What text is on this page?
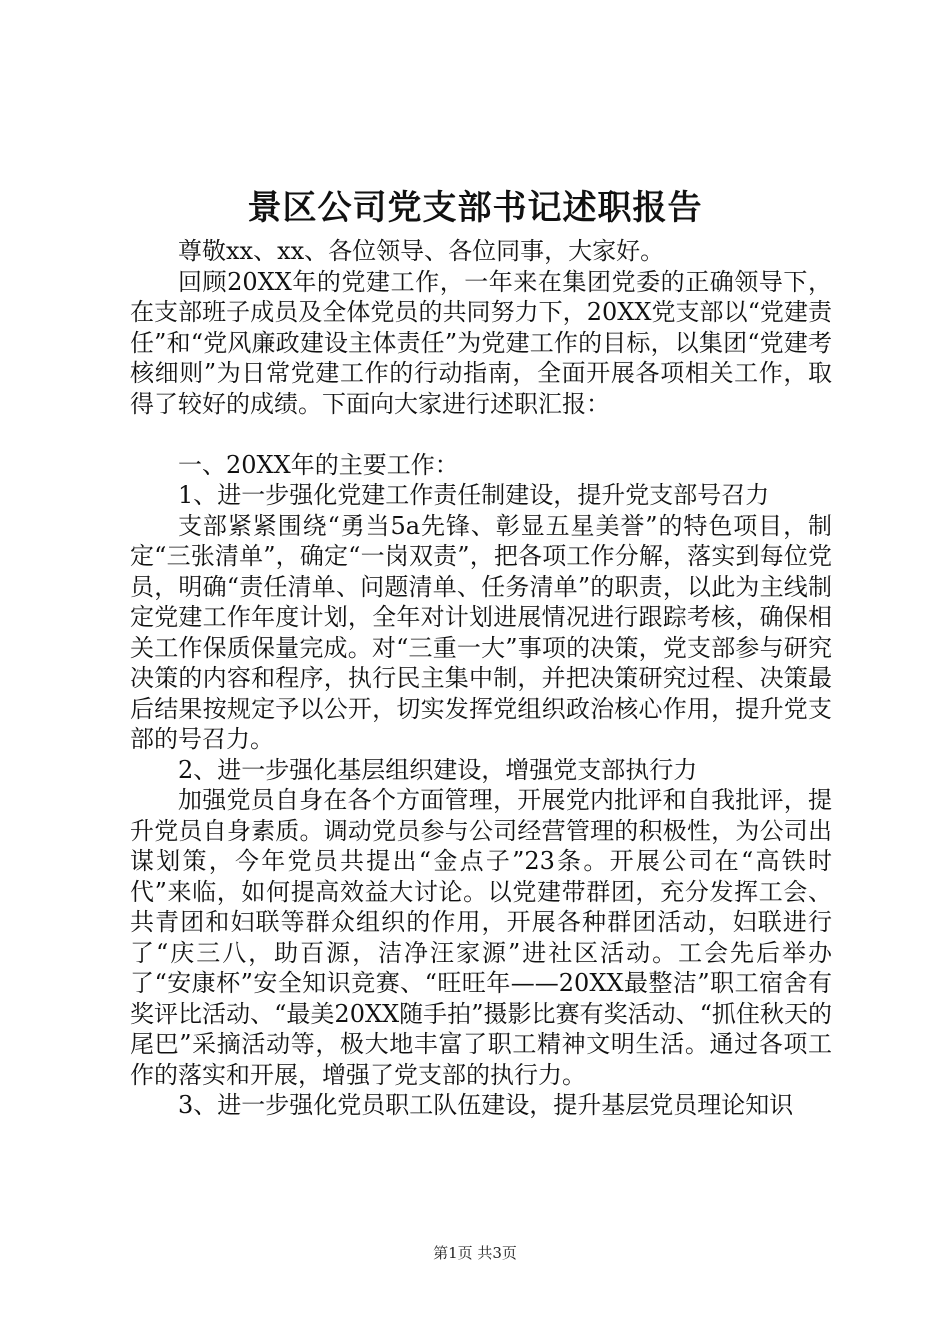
景区公司党支部书记述职报告

尊敬xx、xx、各位领导、各位同事，大家好。

回顾20XX年的党建工作，一年来在集团党委的正确领导下，在支部班子成员及全体党员的共同努力下，20XX党支部以“党建责任”和“党风廉政建设主体责任”为党建工作的目标，以集团“党建考核细则”为日常党建工作的行动指南，全面开展各项相关工作，取得了较好的成绩。下面向大家进行述职汇报：

一、20XX年的主要工作：

1、进一步强化党建工作责任制建设，提升党支部号召力

支部紧紧围绕“勇当5a先锋、彰显五星美誉”的特色项目，制定“三张清单”，确定“一岗双责”，把各项工作分解，落实到每位党员，明确“责任清单、问题清单、任务清单”的职责，以此为主线制定党建工作年度计划，全年对计划进展情况进行跟踪考核，确保相关工作保质保量完成。对“三重一大”事项的决策，党支部参与研究决策的内容和程序，执行民主集中制，并把决策研究过程、决策最后结果按规定予以公开，切实发挥党组织政治核心作用，提升党支部的号召力。

2、进一步强化基层组织建设，增强党支部执行力

加强党员自身在各个方面管理，开展党内批评和自我批评，提升党员自身素质。调动党员参与公司经营管理的积极性，为公司出谋划策，今年党员共提出“金点子”23条。开展公司在“高铁时代”来临，如何提高效益大讨论。以党建带群团，充分发挥工会、共青团和妇联等群众组织的作用，开展各种群团活动，妇联进行了“庆三八，助百源，洁净汪家源”进社区活动。工会先后举办了“安康杯”安全知识竞赛、“旺旺年——20XX最整洁”职工宿舍有奖评比活动、“最美20XX随手拍”摄影比赛有奖活动、“抓住秋天的尾巴”采摘活动等，极大地丰富了职工精神文明生活。通过各项工作的落实和开展，增强了党支部的执行力。

3、进一步强化党员职工队伍建设，提升基层党员理论知识

第1页 共3页
